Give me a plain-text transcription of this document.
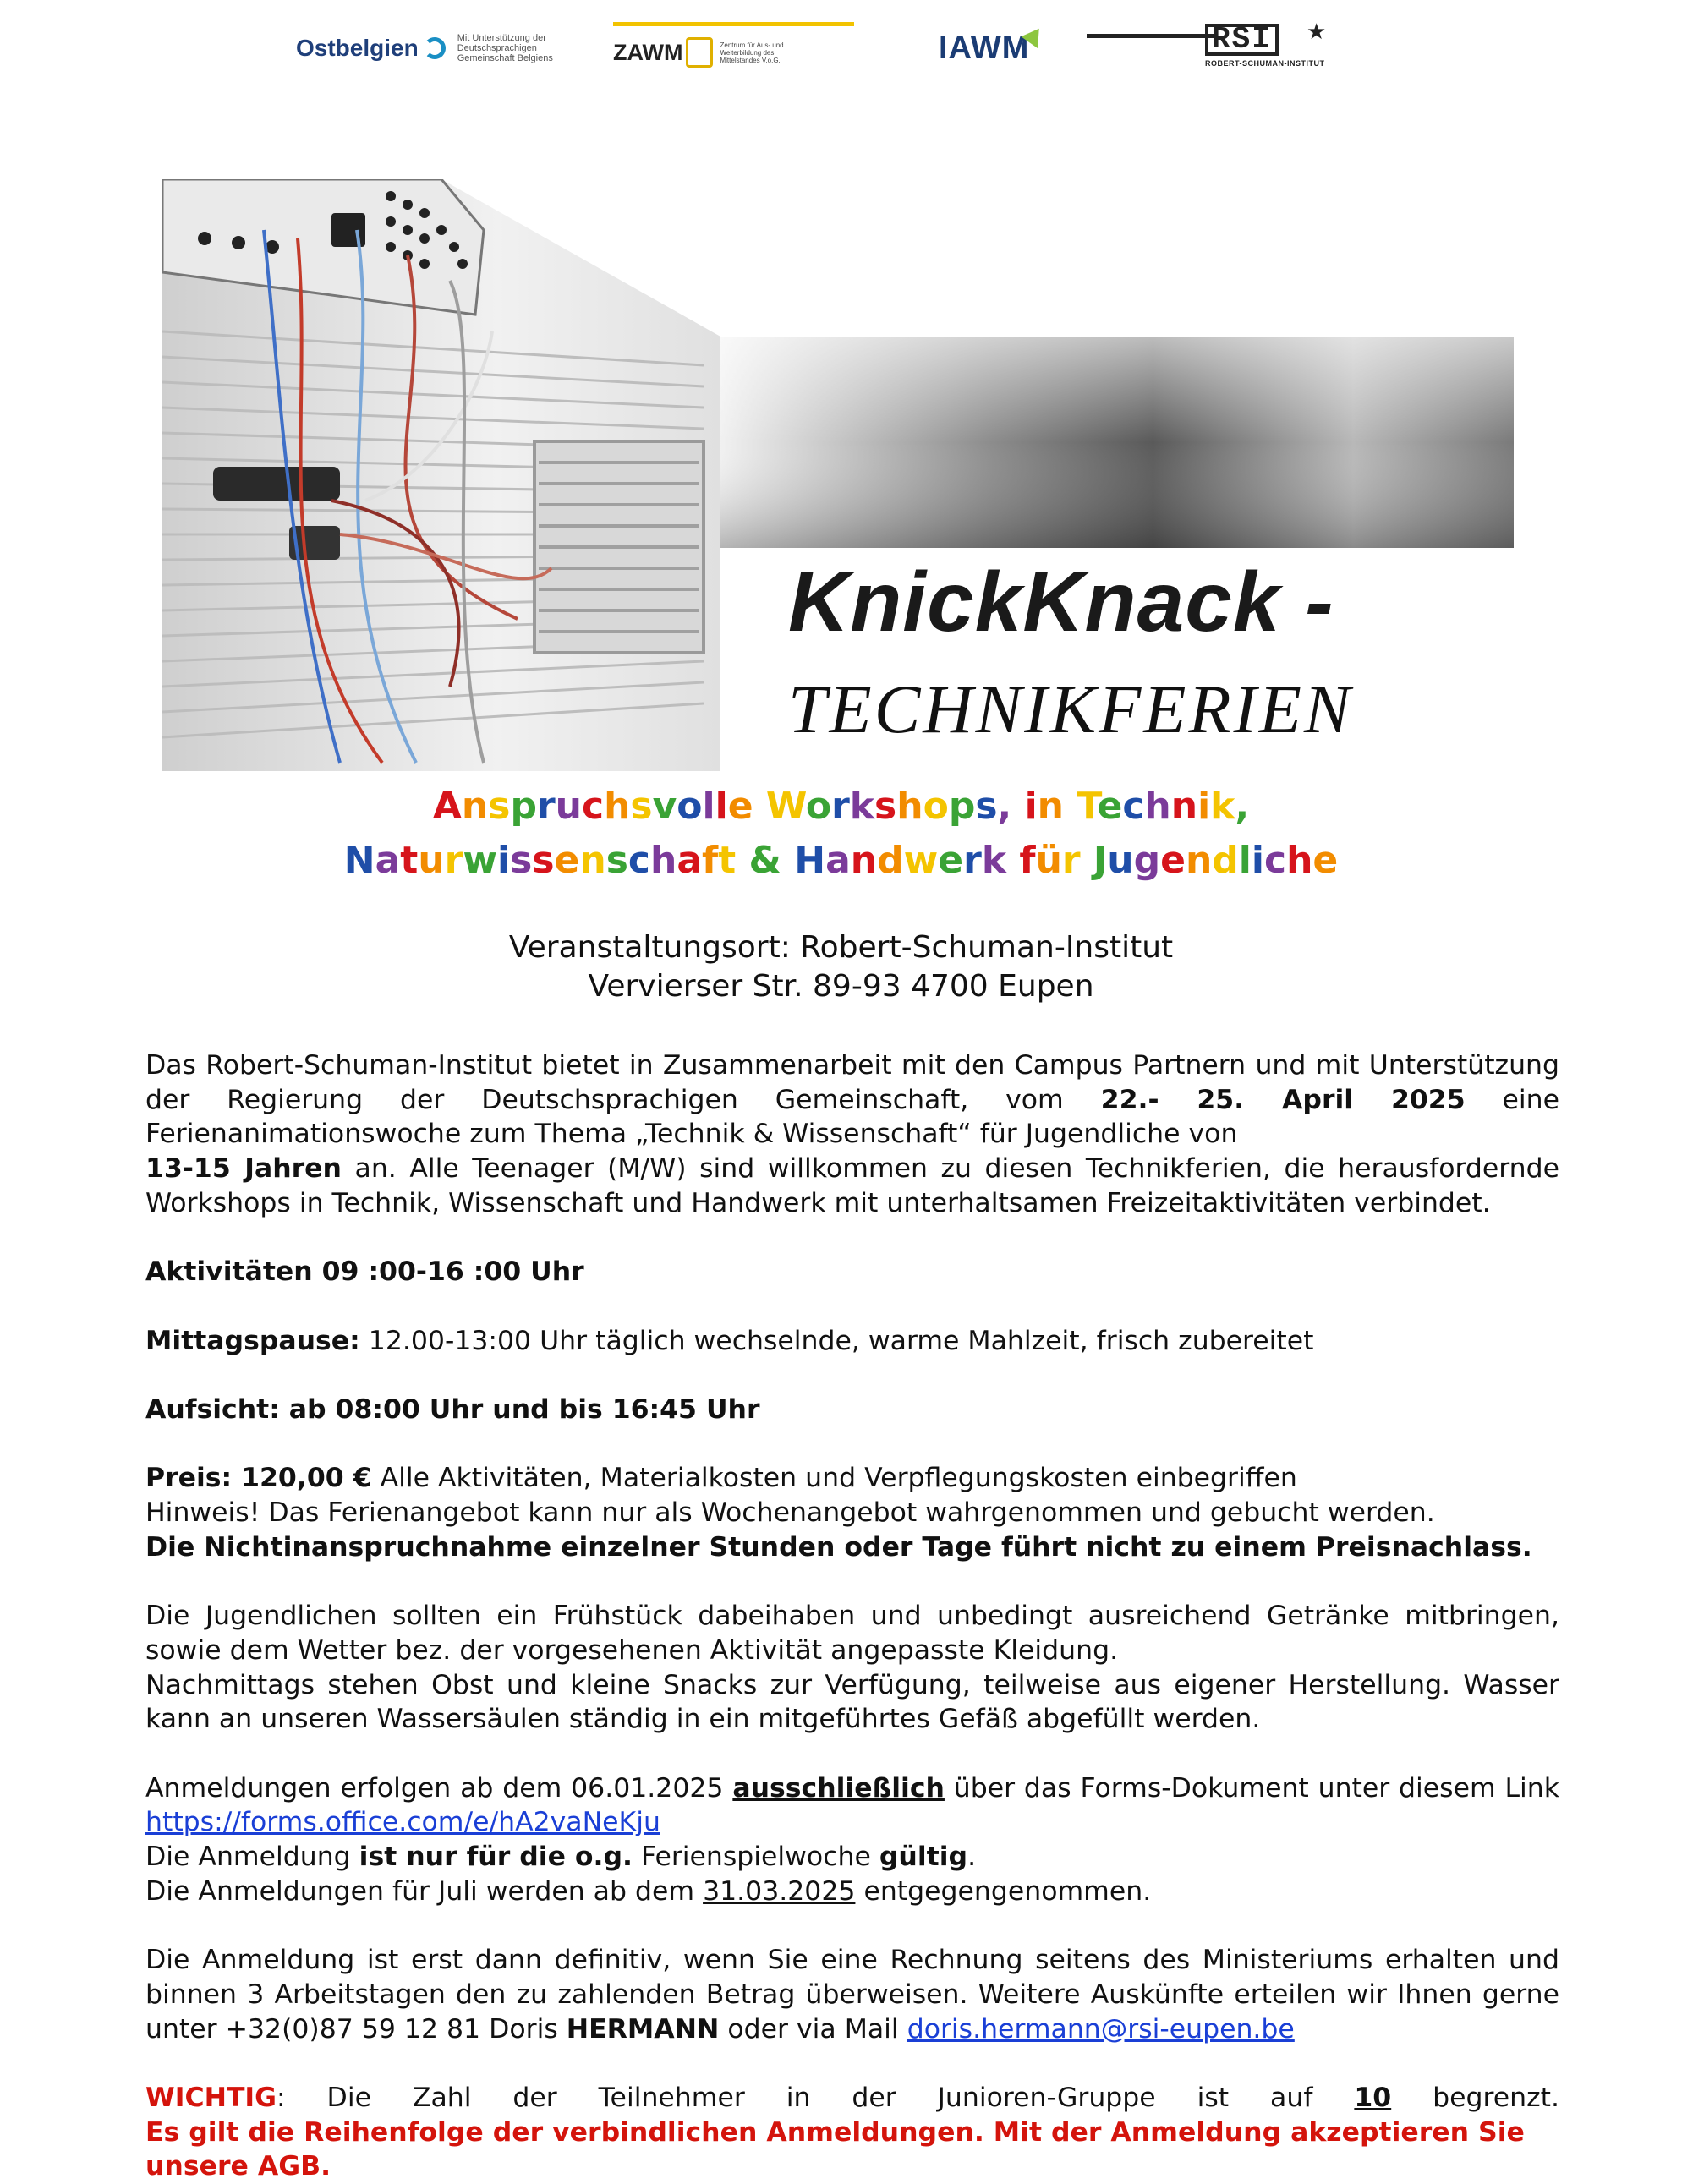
Ostbelgien	Mit Unterstützung der Deutschsprachigen Gemeinschaft Belgiens	ZAWM	Zentrum für Aus- und Weiterbildung des Mittelstandes V.o.G.	IAWM	RSI	★
ROBERT-SCHUMAN-INSTITUT
KnickKnack -
TECHNIKFERIEN
Anspruchsvolle Workshops, in Technik,
Naturwissenschaft & Handwerk für Jugendliche
Veranstaltungsort: Robert-Schuman-Institut
Vervierser Str. 89-93 4700 Eupen

Das Robert-Schuman-Institut bietet in Zusammenarbeit mit den Campus Partnern und mit Unterstützung

der Regierung der Deutschsprachigen Gemeinschaft, vom 22.- 25. April 2025 eine

Ferienanimationswoche zum Thema „Technik & Wissenschaft“ für Jugendliche von

13-15 Jahren an. Alle Teenager (M/W) sind willkommen zu diesen Technikferien, die herausfordernde

Workshops in Technik, Wissenschaft und Handwerk mit unterhaltsamen Freizeitaktivitäten verbindet.

Aktivitäten 09 :00-16 :00 Uhr

Mittagspause: 12.00-13:00 Uhr täglich wechselnde, warme Mahlzeit, frisch zubereitet

Aufsicht: ab 08:00 Uhr und bis 16:45 Uhr

Preis: 120,00 € Alle Aktivitäten, Materialkosten und Verpflegungskosten einbegriffen

Hinweis! Das Ferienangebot kann nur als Wochenangebot wahrgenommen und gebucht werden.

Die Nichtinanspruchnahme einzelner Stunden oder Tage führt nicht zu einem Preisnachlass.

Die Jugendlichen sollten ein Frühstück dabeihaben und unbedingt ausreichend Getränke mitbringen,

sowie dem Wetter bez. der vorgesehenen Aktivität angepasste Kleidung.

Nachmittags stehen Obst und kleine Snacks zur Verfügung, teilweise aus eigener Herstellung. Wasser

kann an unseren Wassersäulen ständig in ein mitgeführtes Gefäß abgefüllt werden.

Anmeldungen erfolgen ab dem 06.01.2025 ausschließlich über das Forms-Dokument unter diesem Link

https://forms.office.com/e/hA2vaNeKju

Die Anmeldung ist nur für die o.g. Ferienspielwoche gültig.

Die Anmeldungen für Juli werden ab dem 31.03.2025 entgegengenommen.

Die Anmeldung ist erst dann definitiv, wenn Sie eine Rechnung seitens des Ministeriums erhalten und

binnen 3 Arbeitstagen den zu zahlenden Betrag überweisen. Weitere Auskünfte erteilen wir Ihnen gerne

unter +32(0)87 59 12 81 Doris HERMANN oder via Mail doris.hermann@rsi-eupen.be

WICHTIG: Die Zahl der Teilnehmer in der Junioren-Gruppe ist auf 10 begrenzt.

Es gilt die Reihenfolge der verbindlichen Anmeldungen. Mit der Anmeldung akzeptieren Sie unsere AGB.
